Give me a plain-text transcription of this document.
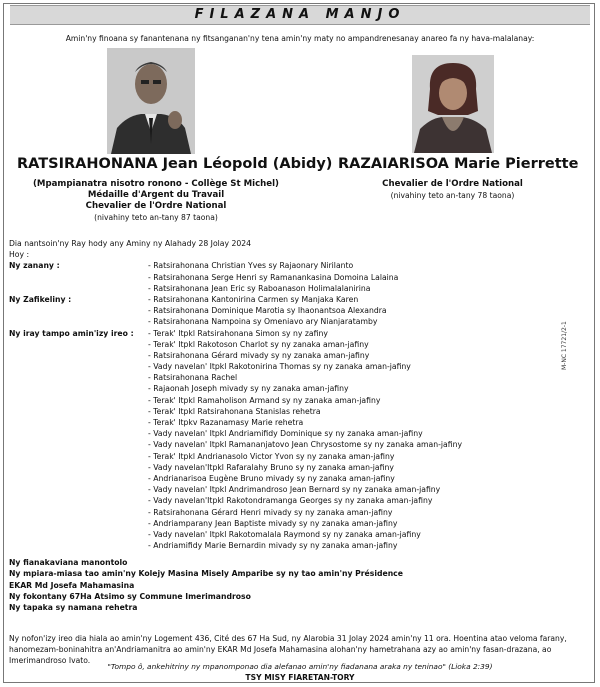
FILAZANA MANJO
Amin'ny finoana sy fanantenana ny fitsanganan'ny tena amin'ny maty no ampandrenesanay anareo fa ny hava-malalanay:
RATSIRAHONANA Jean Léopold (Abidy)
(Mpampianatra nisotro ronono - Collège St Michel)
Médaille d'Argent du Travail
Chevalier de l'Ordre National
(nivahiny teto an-tany 87 taona)
RAZAIARISOA Marie Pierrette
Chevalier de l'Ordre National
(nivahiny teto an-tany 78 taona)
Dia nantsoin'ny Ray hody any Aminy ny Alahady 28 Jolay 2024
Hoy :
Ny zanany :	- Ratsirahonana Christian Yves sy Rajaonary Nirilanto
- Ratsirahonana Serge Henri sy Ramanankasina Domoina Lalaina
- Ratsirahonana Jean Eric sy Raboanason Holimalalanirina
Ny Zafikeliny :	- Ratsirahonana Kantonirina Carmen sy Manjaka Karen
- Ratsirahonana Dominique Marotia sy Ihaonantsoa Alexandra
- Ratsirahonana Nampoina sy Omeniavo ary Nianjaratamby
Ny iray tampo amin'izy ireo : - Terak' Itpkl Ratsirahonana Simon sy ny zafiny
- Terak' Itpkl Rakotoson Charlot sy ny zanaka aman-jafiny
- Ratsirahonana Gérard mivady sy ny zanaka aman-jafiny
- Vady navelan' Itpkl Rakotonirina Thomas sy ny zanaka aman-jafiny
- Ratsirahonana Rachel
- Rajaonah Joseph mivady sy ny zanaka aman-jafiny
- Terak' Itpkl Ramaholison Armand sy ny zanaka aman-jafiny
- Terak' Itpkl Ratsirahonana Stanislas rehetra
- Terak' Itpkv Razanamasy Marie rehetra
- Vady navelan' Itpkl Andriamifidy Dominique sy ny zanaka aman-jafiny
- Vady navelan' Itpkl Ramananjatovo Jean Chrysostome sy ny zanaka aman-jafiny
- Terak' Itpkl Andrianasolo Victor Yvon sy ny zanaka aman-jafiny
- Vady navelan'Itpkl Rafaralahy Bruno sy ny zanaka aman-jafiny
- Andrianarisoa Eugène Bruno mivady sy ny zanaka aman-jafiny
- Vady navelan' Itpkl Andrimandroso Jean Bernard sy ny zanaka aman-jafiny
- Vady navelan'Itpkl Rakotondramanga Georges sy ny zanaka aman-jafiny
- Ratsirahonana Gérard Henri mivady sy ny zanaka aman-jafiny
- Andriamparany Jean Baptiste mivady sy ny zanaka aman-jafiny
- Vady navelan' Itpkl Rakotomalala Raymond sy ny zanaka aman-jafiny
- Andriamifidy Marie Bernardin mivady sy ny zanaka aman-jafiny
Ny fianakaviana manontolo
Ny mpiara-miasa tao amin'ny Kolejy Masina Misely Amparibe sy ny tao amin'ny Présidence
EKAR Md Josefa Mahamasina
Ny fokontany 67Ha Atsimo sy Commune Imerimandroso
Ny tapaka sy namana rehetra
Ny nofon'izy ireo dia hiala ao amin'ny Logement 436, Cité des 67 Ha Sud, ny Alarobia 31 Jolay 2024 amin'ny 11 ora. Hoentina atao veloma farany, hanomezam-boninahitra an'Andriamanitra ao amin'ny EKAR Md Josefa Mahamasina alohan'ny hametrahana azy ao amin'ny fasan-drazana, ao Imerimandroso Ivato.
"Tompo ô, ankehitriny ny mpanomponao dia alefanao amin'ny fiadanana araka ny teninao" (Lioka 2:39)
TSY MISY FIARETAN-TORY
M-NC 17721/2-1
